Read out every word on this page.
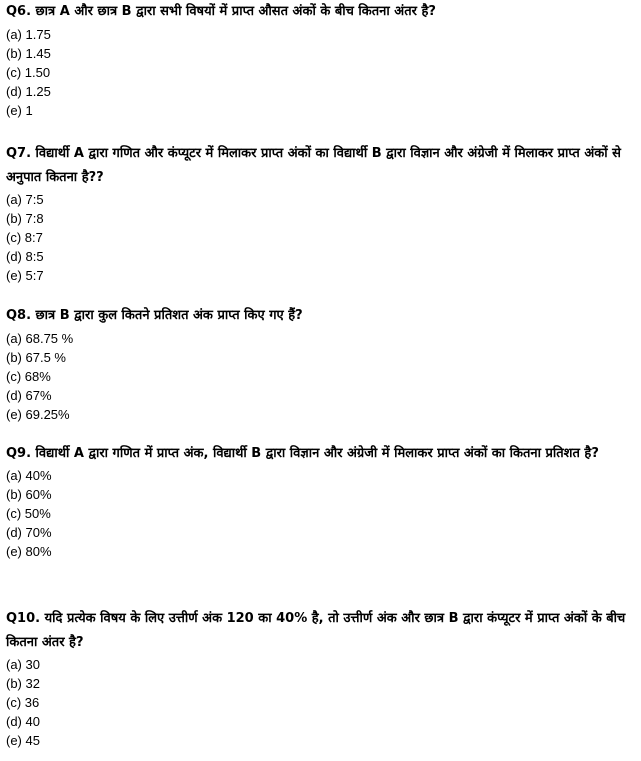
Q6. छात्र A और छात्र B द्वारा सभी विषयों में प्राप्त औसत अंकों के बीच कितना अंतर है?

(a) 1.75
(b) 1.45
(c) 1.50
(d) 1.25
(e) 1

Q7. विद्यार्थी A द्वारा गणित और कंप्यूटर में मिलाकर प्राप्त अंकों का विद्यार्थी B द्वारा विज्ञान और अंग्रेजी में मिलाकर प्राप्त अंकों से अनुपात कितना है??

(a) 7:5
(b) 7:8
(c) 8:7
(d) 8:5
(e) 5:7

Q8. छात्र B द्वारा कुल कितने प्रतिशत अंक प्राप्त किए गए हैं?

(a) 68.75 %
(b) 67.5 %
(c) 68%
(d) 67%
(e) 69.25%

Q9. विद्यार्थी A द्वारा गणित में प्राप्त अंक, विद्यार्थी B द्वारा विज्ञान और अंग्रेजी में मिलाकर प्राप्त अंकों का कितना प्रतिशत है?

(a) 40%
(b) 60%
(c) 50%
(d) 70%
(e) 80%

Q10. यदि प्रत्येक विषय के लिए उत्तीर्ण अंक 120 का 40% है, तो उत्तीर्ण अंक और छात्र B द्वारा कंप्यूटर में प्राप्त अंकों के बीच कितना अंतर है?

(a) 30
(b) 32
(c) 36
(d) 40
(e) 45
